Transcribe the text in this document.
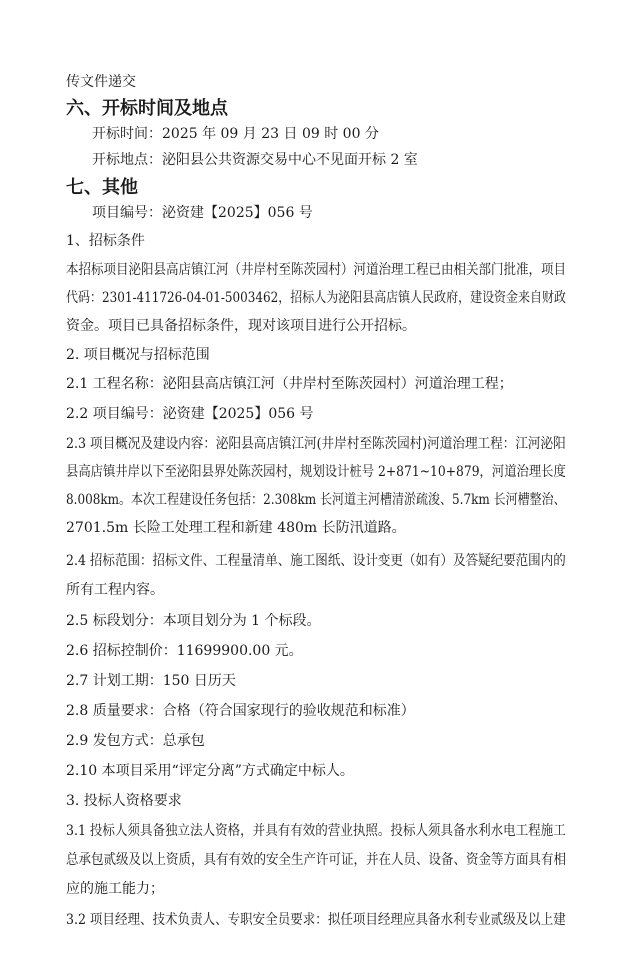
传文件递交
六、开标时间及地点
开标时间：2025 年 09 月 23 日 09 时 00 分
开标地点：泌阳县公共资源交易中心不见面开标 2 室
七、其他
项目编号：泌资建【2025】056 号
1、招标条件
本招标项目泌阳县高店镇江河（井岸村至陈茨园村）河道治理工程已由相关部门批准，项目
代码：2301-411726-04-01-5003462，招标人为泌阳县高店镇人民政府，建设资金来自财政
资金。项目已具备招标条件，现对该项目进行公开招标。
2. 项目概况与招标范围
2.1 工程名称：泌阳县高店镇江河（井岸村至陈茨园村）河道治理工程；
2.2 项目编号：泌资建【2025】056 号
2.3 项目概况及建设内容：泌阳县高店镇江河(井岸村至陈茨园村)河道治理工程：江河泌阳
县高店镇井岸以下至泌阳县界处陈茨园村，规划设计桩号 2+871~10+879，河道治理长度
8.008km。本次工程建设任务包括：2.308km 长河道主河槽清淤疏浚、5.7km 长河槽整治、
2701.5m 长险工处理工程和新建 480m 长防汛道路。
2.4 招标范围：招标文件、工程量清单、施工图纸、设计变更（如有）及答疑纪要范围内的
所有工程内容。
2.5 标段划分：本项目划分为 1 个标段。
2.6 招标控制价：11699900.00 元。
2.7 计划工期：150 日历天
2.8 质量要求：合格（符合国家现行的验收规范和标准）
2.9 发包方式：总承包
2.10 本项目采用“评定分离”方式确定中标人。
3. 投标人资格要求
3.1 投标人须具备独立法人资格，并具有有效的营业执照。投标人须具备水利水电工程施工
总承包贰级及以上资质，具有有效的安全生产许可证，并在人员、设备、资金等方面具有相
应的施工能力；
3.2 项目经理、技术负责人、专职安全员要求：拟任项目经理应具备水利专业贰级及以上建
